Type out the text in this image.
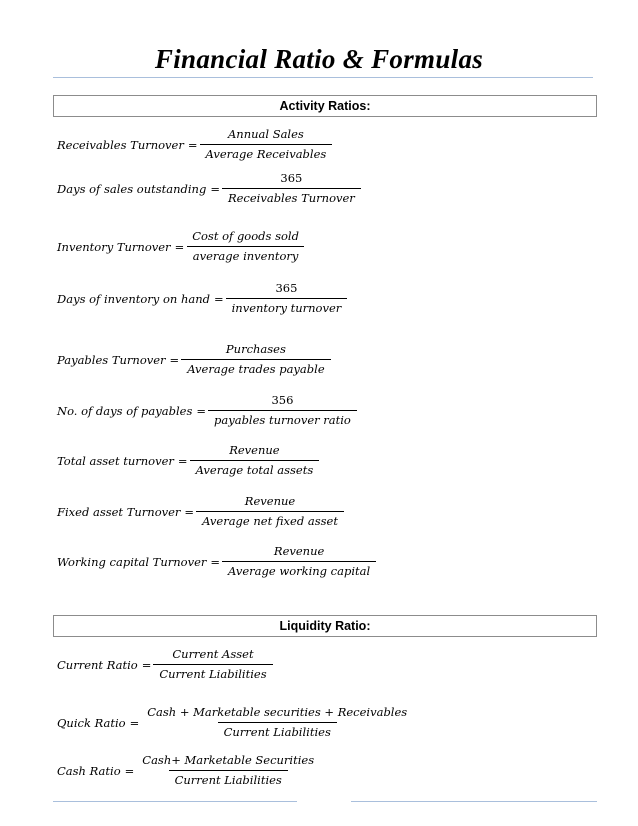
Financial Ratio & Formulas
Activity Ratios:
Receivables Turnover = $\frac{\text{Annual Sales}}{\text{Average Receivables}}$
Days of sales outstanding = $\frac{365}{\text{Receivables Turnover}}$
Inventory Turnover = $\frac{\text{Cost of goods sold}}{\text{average inventory}}$
Days of inventory on hand = $\frac{365}{\text{inventory turnover}}$
Payables Turnover = $\frac{\text{Purchases}}{\text{Average trades payable}}$
No. of days of payables = $\frac{356}{\text{payables turnover ratio}}$
Total asset turnover = $\frac{\text{Revenue}}{\text{Average total assets}}$
Fixed asset Turnover = $\frac{\text{Revenue}}{\text{Average net fixed asset}}$
Working capital Turnover = $\frac{\text{Revenue}}{\text{Average working capital}}$
Liquidity Ratio:
Current Ratio = $\frac{\text{Current Asset}}{\text{Current Liabilities}}$
Quick Ratio = $\frac{\text{Cash + Marketable securities + Receivables}}{\text{Current Liabilities}}$
Cash Ratio = $\frac{\text{Cash+ Marketable Securities}}{\text{Current Liabilities}}$
